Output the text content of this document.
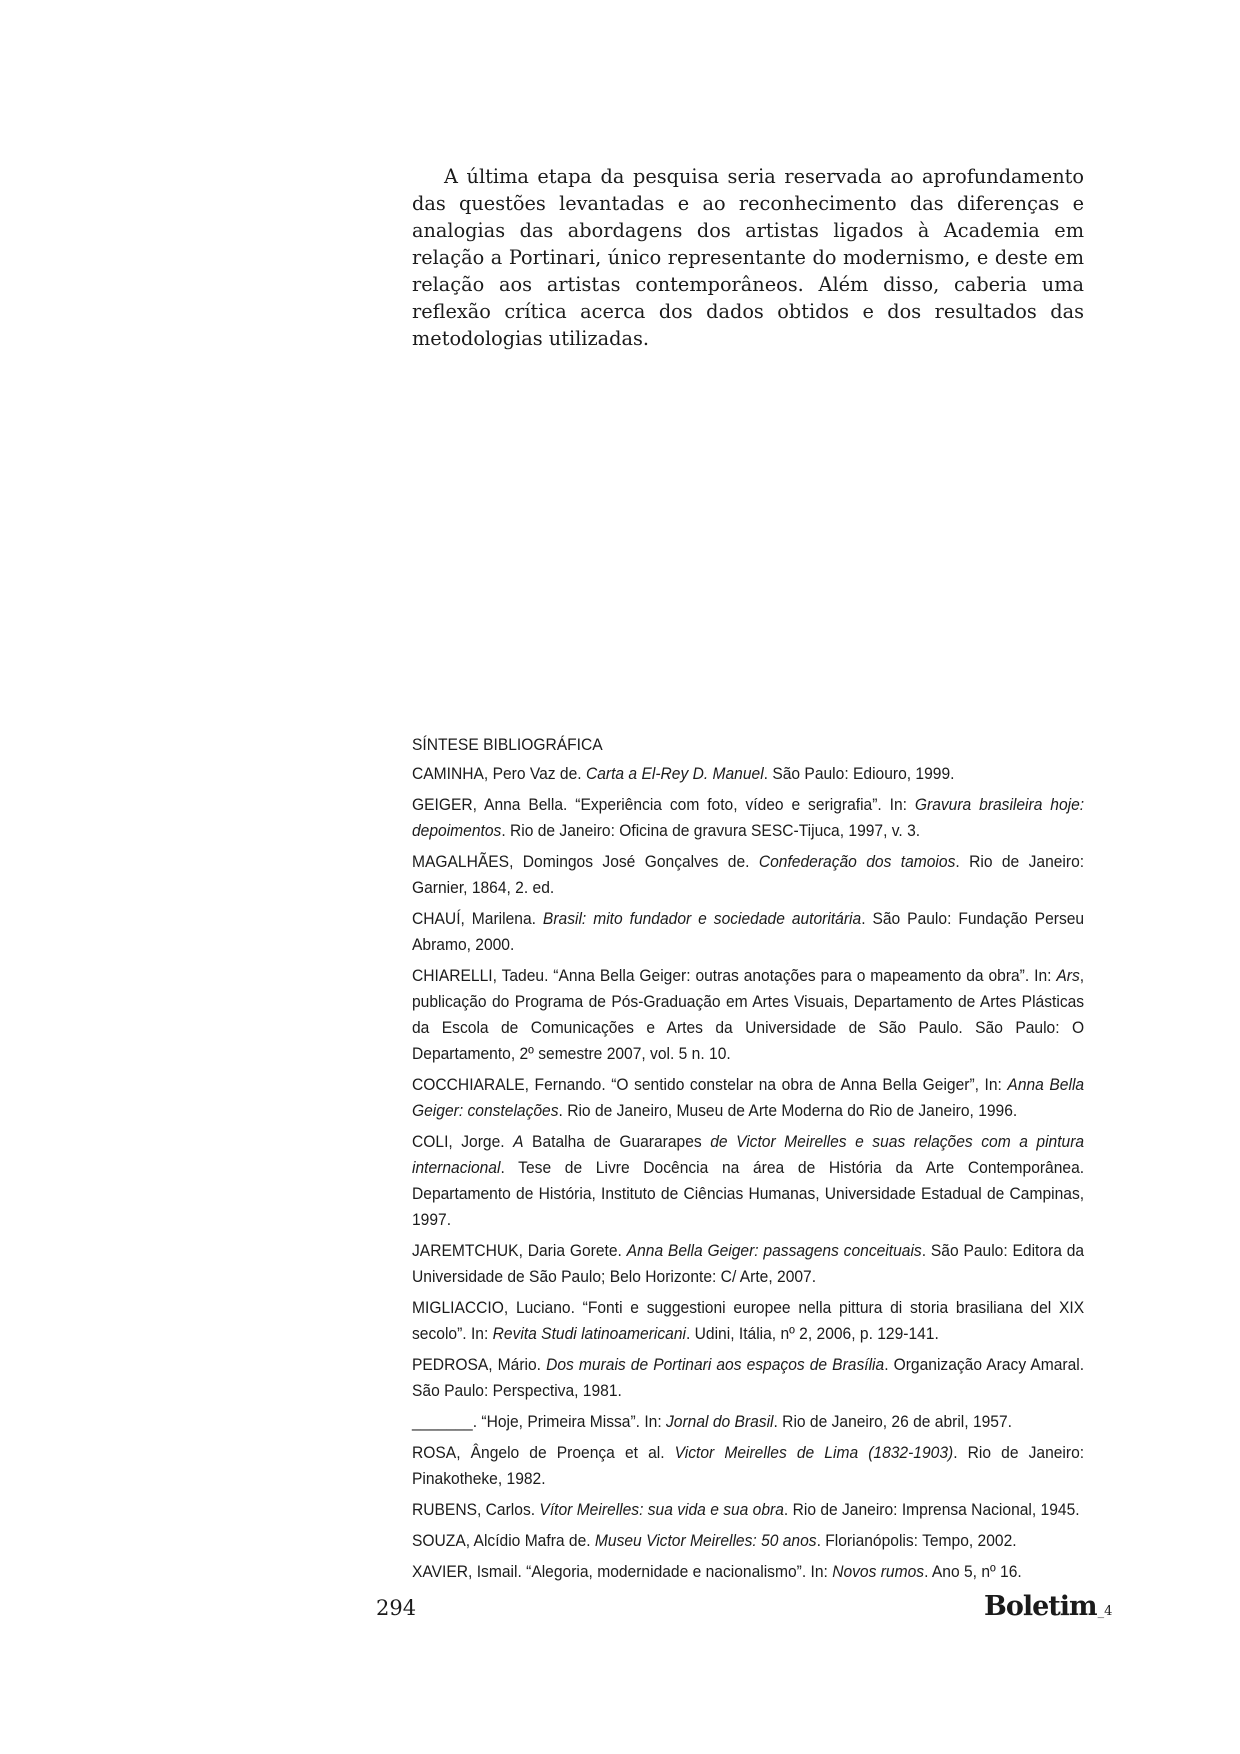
A última etapa da pesquisa seria reservada ao aprofundamento das questões levantadas e ao reconhecimento das diferenças e analogias das abordagens dos artistas ligados à Academia em relação a Portinari, único representante do modernismo, e deste em relação aos artistas contemporâneos. Além disso, caberia uma reflexão crítica acerca dos dados obtidos e dos resultados das metodologias utilizadas.

SÍNTESE BIBLIOGRÁFICA

CAMINHA, Pero Vaz de. Carta a El-Rey D. Manuel. São Paulo: Ediouro, 1999.

GEIGER, Anna Bella. “Experiência com foto, vídeo e serigrafia”. In: Gravura brasileira hoje: depoimentos. Rio de Janeiro: Oficina de gravura SESC-Tijuca, 1997, v. 3.

MAGALHÃES, Domingos José Gonçalves de. Confederação dos tamoios. Rio de Janeiro: Garnier, 1864, 2. ed.

CHAUÍ, Marilena. Brasil: mito fundador e sociedade autoritária. São Paulo: Fundação Perseu Abramo, 2000.

CHIARELLI, Tadeu. “Anna Bella Geiger: outras anotações para o mapeamento da obra”. In: Ars, publicação do Programa de Pós-Graduação em Artes Visuais, Departamento de Artes Plásticas da Escola de Comunicações e Artes da Universidade de São Paulo. São Paulo: O Departamento, 2º semestre 2007, vol. 5 n. 10.

COCCHIARALE, Fernando. “O sentido constelar na obra de Anna Bella Geiger”, In: Anna Bella Geiger: constelações. Rio de Janeiro, Museu de Arte Moderna do Rio de Janeiro, 1996.

COLI, Jorge. A Batalha de Guararapes de Victor Meirelles e suas relações com a pintura internacional. Tese de Livre Docência na área de História da Arte Contemporânea. Departamento de História, Instituto de Ciências Humanas, Universidade Estadual de Campinas, 1997.

JAREMTCHUK, Daria Gorete. Anna Bella Geiger: passagens conceituais. São Paulo: Editora da Universidade de São Paulo; Belo Horizonte: C/ Arte, 2007.

MIGLIACCIO, Luciano. “Fonti e suggestioni europee nella pittura di storia brasiliana del XIX secolo”. In: Revita Studi latinoamericani. Udini, Itália, nº 2, 2006, p. 129-141.

PEDROSA, Mário. Dos murais de Portinari aos espaços de Brasília. Organização Aracy Amaral. São Paulo: Perspectiva, 1981.

_______. “Hoje, Primeira Missa”. In: Jornal do Brasil. Rio de Janeiro, 26 de abril, 1957.

ROSA, Ângelo de Proença et al. Victor Meirelles de Lima (1832-1903). Rio de Janeiro: Pinakotheke, 1982.

RUBENS, Carlos. Vítor Meirelles: sua vida e sua obra. Rio de Janeiro: Imprensa Nacional, 1945.

SOUZA, Alcídio Mafra de. Museu Victor Meirelles: 50 anos. Florianópolis: Tempo, 2002.

XAVIER, Ismail. “Alegoria, modernidade e nacionalismo”. In: Novos rumos. Ano 5, nº 16.

294	Boletim_4
